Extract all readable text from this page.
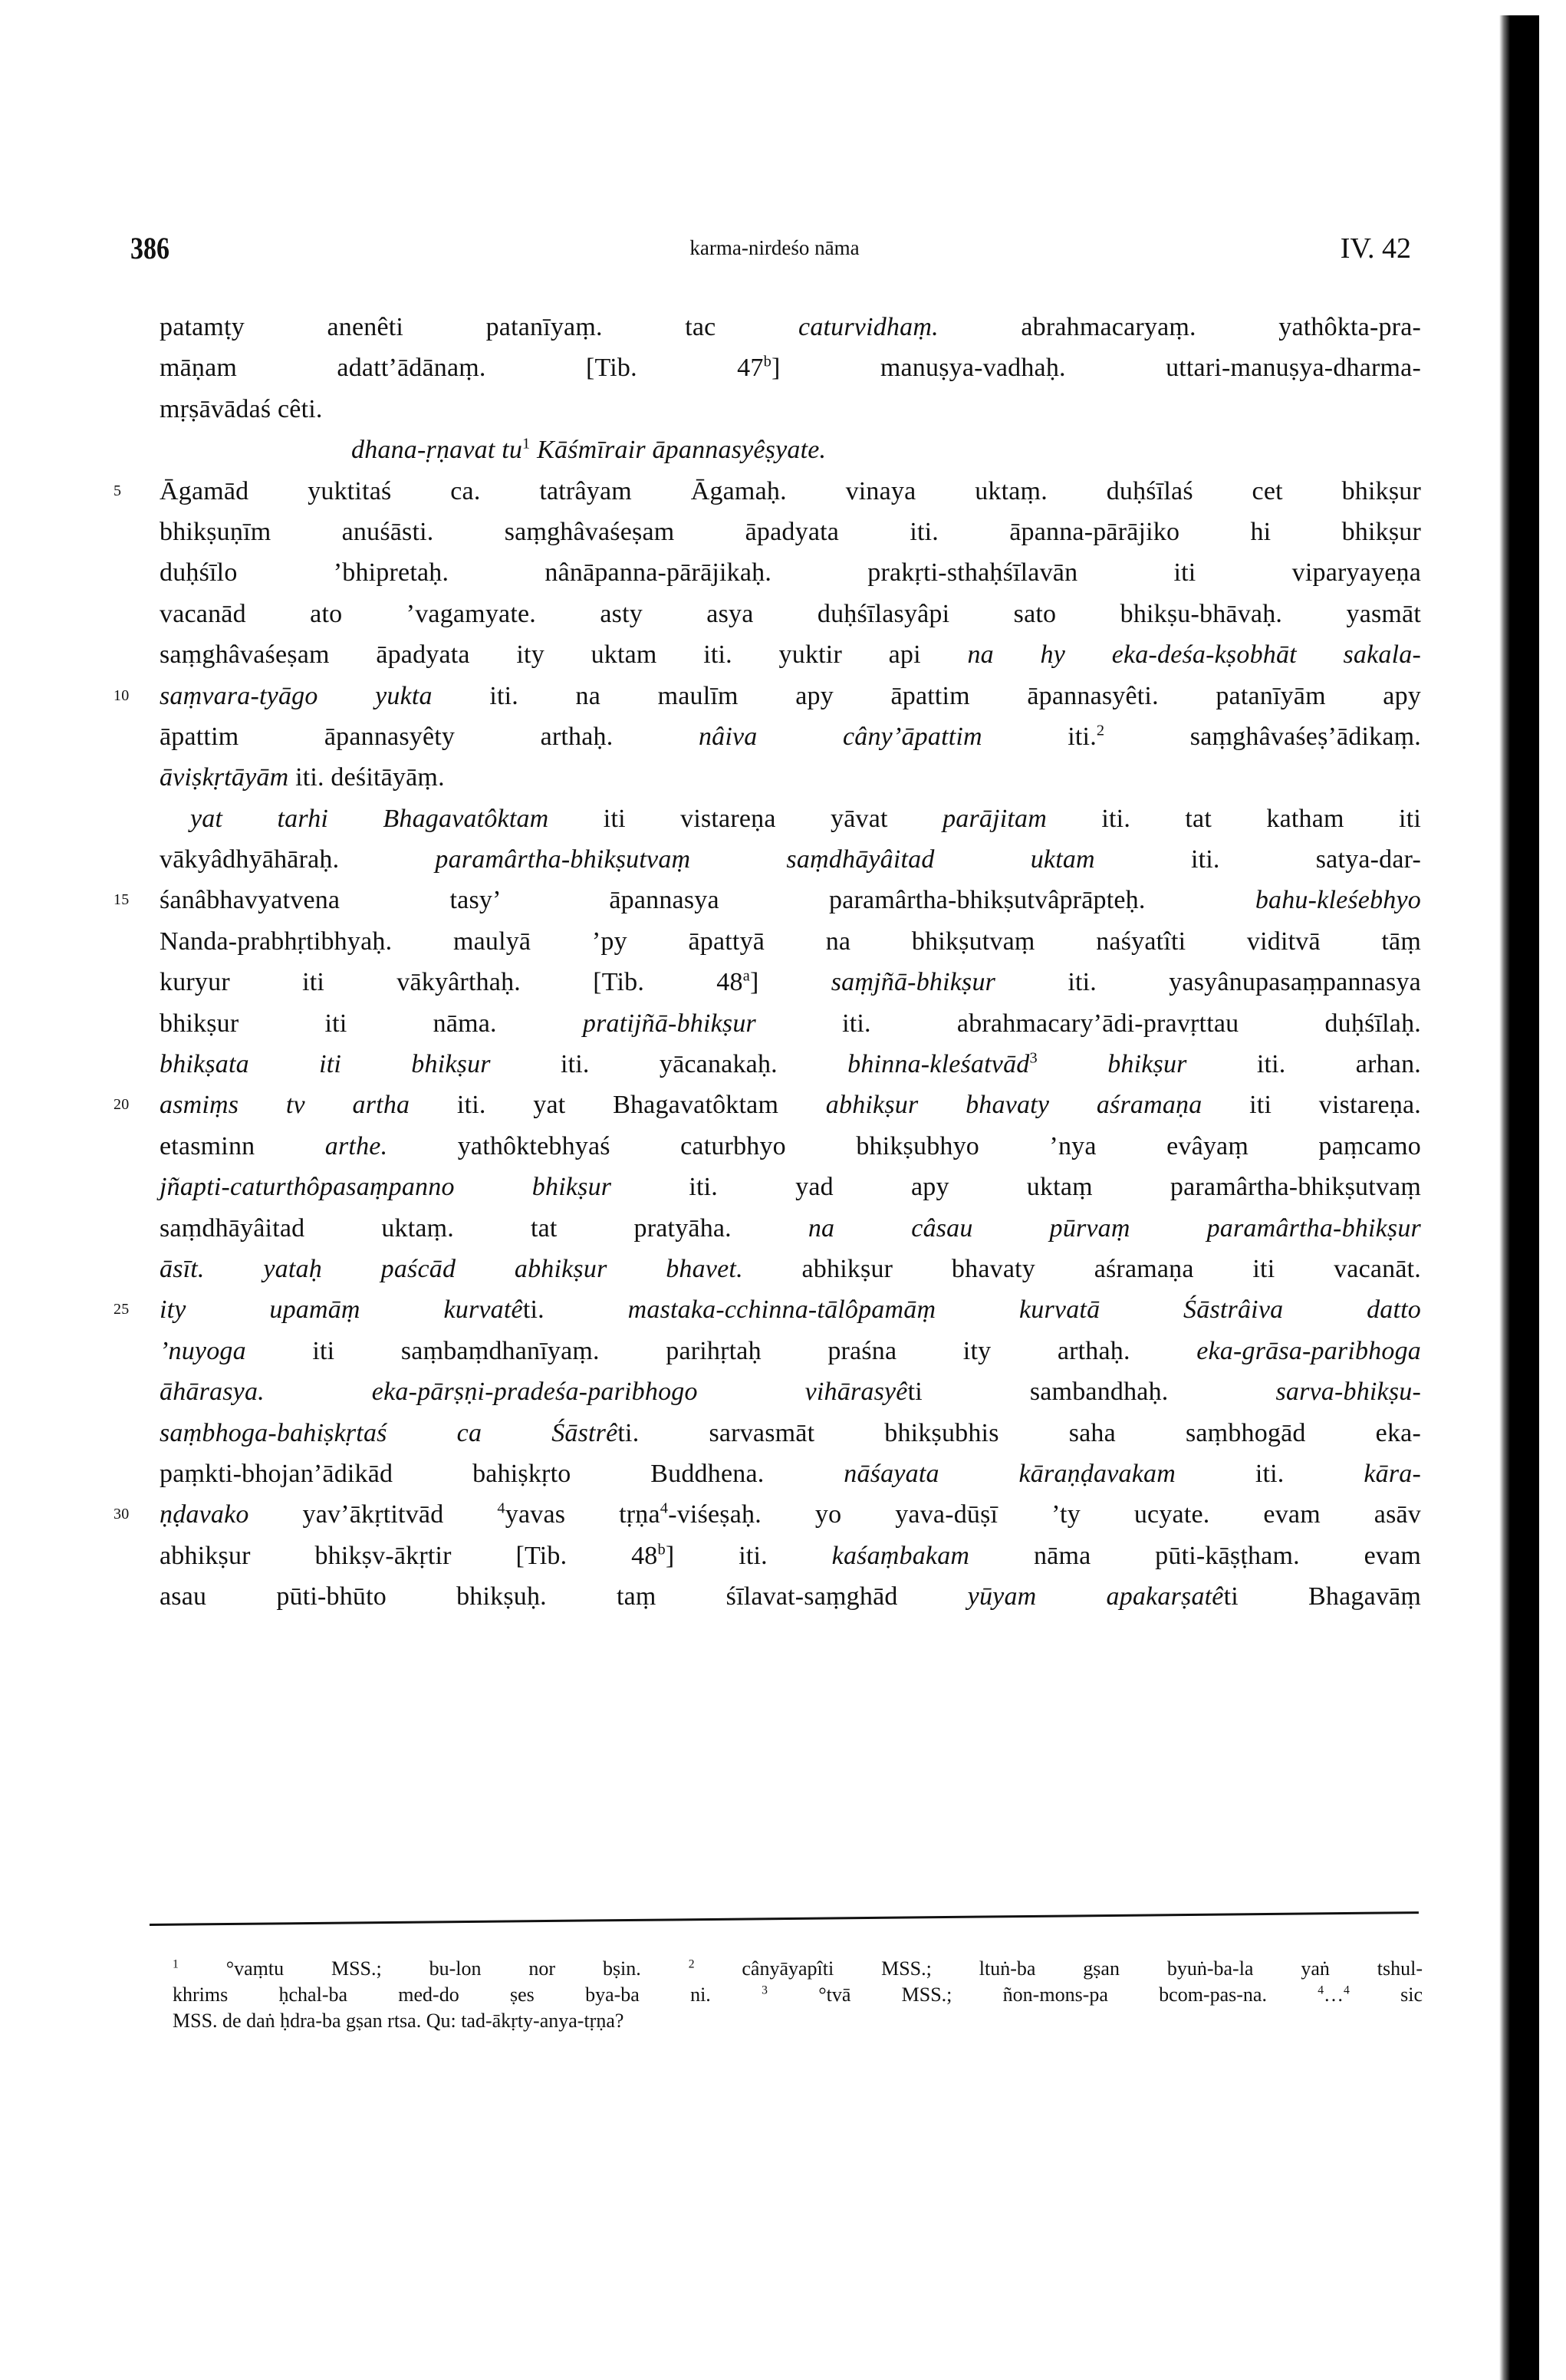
386	karma-nirdeśo nāma	IV. 42
patamṭy anenêti patanīyaṃ. tac caturvidhaṃ. abrahmacaryaṃ. yathôkta-pra-
māṇam adatt’ādānaṃ. [Tib. 47$^b$] manuṣya-vadhaḥ. uttari-manuṣya-dharma-
mṛṣāvādaś cêti.
dhana-ṛṇavat $tu^1$ Kāśmīrair āpannasyêṣyate.
5	Āgamād yuktitaś ca. tatrâyam Āgamaḥ. vinaya uktaṃ. duḥśīlaś cet bhikṣur
bhikṣuṇīm anuśāsti. saṃghâvaśeṣam āpadyata iti. āpanna-pārājiko hi bhikṣur
duḥśīlo ’bhipretaḥ. nânāpanna-pārājikaḥ. prakṛti-sthaḥśīlavān iti viparyayeṇa
vacanād ato ’vagamyate. asty asya duḥśīlasyâpi sato bhikṣu-bhāvaḥ. yasmāt
saṃghâvaśeṣam āpadyata ity uktam iti. yuktir api na hy eka-deśa-kṣobhāt sakala-
10	saṃvara-tyāgo yukta iti. na maulīm apy āpattim āpannasyêti. patanīyām apy
āpattim āpannasyêty arthaḥ. nâiva câny’āpattim iti.$^2$ saṃghâvaśeṣ’ādikaṃ.
āviṣkṛtāyām iti. deśitāyāṃ.
yat tarhi Bhagavatôktam iti vistareṇa yāvat parājitam iti. tat katham iti
vākyâdhyāhāraḥ. paramârtha-bhikṣutvaṃ saṃdhāyâitad uktam iti. satya-dar-
15	śanâbhavyatvena tasy’ āpannasya paramârtha-bhikṣutvâprāpteḥ. bahu-kleśebhyo
Nanda-prabhṛtibhyaḥ. maulyā ’py āpattyā na bhikṣutvaṃ naśyatîti viditvā tāṃ
kuryur iti vākyârthaḥ. [Tib. 48$^a$] saṃjñā-bhikṣur iti. yasyânupasaṃpannasya
bhikṣur iti nāma. pratijñā-bhikṣur iti. abrahmacary’ādi-pravṛttau duḥśīlaḥ.
bhikṣata iti bhikṣur iti. yācanakaḥ. bhinna-kleśatvād$^3$	bhikṣur iti. arhan.
20	asmiṃs tv artha iti. yat Bhagavatôktam abhikṣur bhavaty aśramaṇa iti vistareṇa.
etasminn arthe. yathôktebhyaś caturbhyo bhikṣubhyo ’nya evâyaṃ paṃcamo
jñapti-caturthôpasaṃpanno bhikṣur iti. yad apy uktaṃ paramârtha-bhikṣutvaṃ
saṃdhāyâitad uktaṃ. tat pratyāha. na câsau pūrvaṃ paramârtha-bhikṣur
āsīt. yataḥ paścād abhikṣur bhavet. abhikṣur bhavaty aśramaṇa iti vacanāt.
25	ity upamāṃ kurvatêti. mastaka-cchinna-tālôpamāṃ kurvatā Śāstrâiva datto
’nuyoga iti saṃbaṃdhanīyaṃ. parihṛtaḥ praśna ity arthaḥ. eka-grāsa-paribhoga
āhārasya. eka-pārṣṇi-pradeśa-paribhogo vihārasyêti sambandhaḥ. sarva-bhikṣu-
saṃbhoga-bahiṣkṛtaś ca Śāstrêti. sarvasmāt bhikṣubhis saha saṃbhogād eka-
paṃkti-bhojan’ādikād bahiṣkṛto Buddhena. nāśayata kāraṇḍavakam iti. kāra-
30	ṇḍavako yav’ākṛtitvād $^4$yavas tṛṇa$^4$-viśeṣaḥ. yo yava-dūṣī ’ty ucyate. evam asāv
abhikṣur bhikṣv-ākṛtir [Tib. 48$^b$] iti. kaśaṃbakam nāma pūti-kāṣṭham. evam
asau pūti-bhūto bhikṣuḥ. taṃ śīlavat-saṃghād yūyam apakarṣatêti Bhagavāṃ
$^1$ °vaṃtu MSS.; bu-lon nor bṣin. $^2$ cânyāyapîti MSS.; ltuṅ-ba gṣan byuṅ-ba-la yaṅ tshul-
khrims ḥchal-ba med-do ṣes bya-ba ni. $^3$ °tvā MSS.; ñon-mons-pa bcom-pas-na. $^4$…$^4$ sic
MSS. de daṅ ḥdra-ba gṣan rtsa. Qu: tad-ākṛty-anya-tṛṇa?
